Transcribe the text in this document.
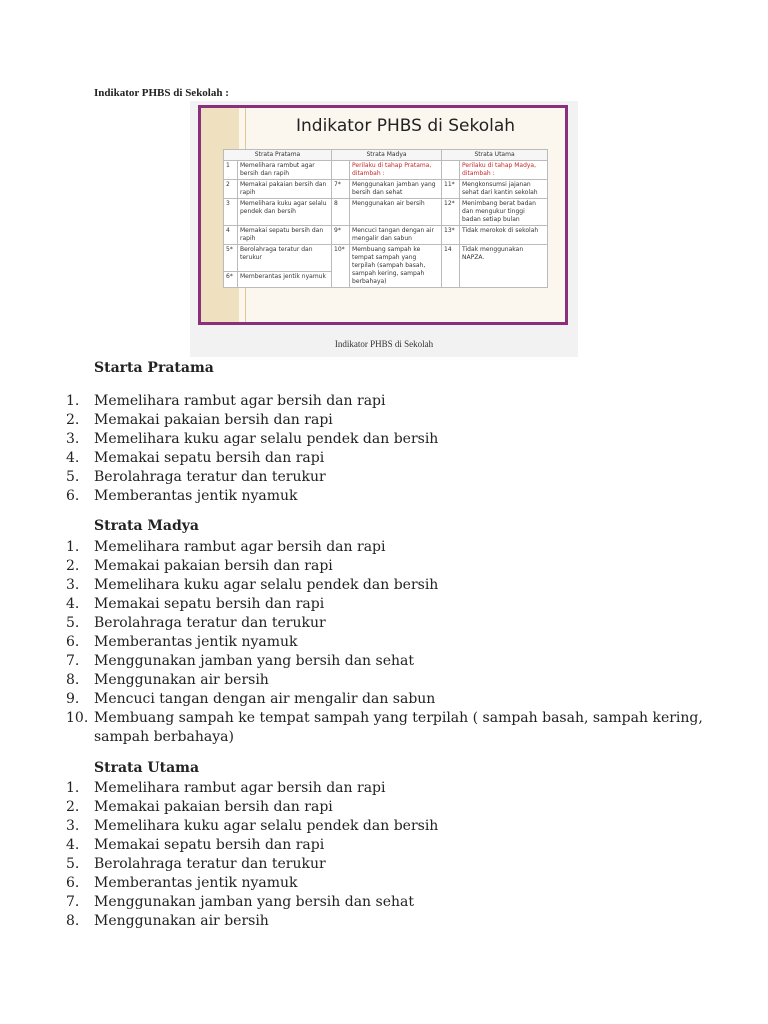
Indikator PHBS di Sekolah :
Indikator PHBS di Sekolah
Strata Pratama		Strata Madya		Strata Utama	
1	Memelihara rambut agar bersih dan rapih		Perilaku di tahap Pratama, ditambah :		Perilaku di tahap Madya, ditambah :
2	Memakai pakaian bersih dan rapih	7*	Menggunakan jamban yang bersih dan sehat	11*	Mengkonsumsi jajanan sehat dari kantin sekolah
3	Memelihara kuku agar selalu pendek dan bersih	8	Menggunakan air bersih	12*	Menimbang berat badan dan mengukur tinggi badan setiap bulan
4	Memakai sepatu bersih dan rapih	9*	Mencuci tangan dengan air mengalir dan sabun	13*	Tidak merokok di sekolah
5*	Berolahraga teratur dan terukur	10*	Membuang sampah ke tempat sampah yang terpilah (sampah basah, sampah kering, sampah berbahaya)	14	Tidak menggunakan NAPZA.
6*	Memberantas jentik nyamuk				
Indikator PHBS di Sekolah
Starta Pratama
1.	Memelihara rambut agar bersih dan rapi
2.	Memakai pakaian bersih dan rapi
3.	Memelihara kuku agar selalu pendek dan bersih
4.	Memakai sepatu bersih dan rapi
5.	Berolahraga teratur dan terukur
6.	Memberantas jentik nyamuk
Strata Madya
1.	Memelihara rambut agar bersih dan rapi
2.	Memakai pakaian bersih dan rapi
3.	Memelihara kuku agar selalu pendek dan bersih
4.	Memakai sepatu bersih dan rapi
5.	Berolahraga teratur dan terukur
6.	Memberantas jentik nyamuk
7.	Menggunakan jamban yang bersih dan sehat
8.	Menggunakan air bersih
9.	Mencuci tangan dengan air mengalir dan sabun
10. Membuang sampah ke tempat sampah yang terpilah ( sampah basah, sampah kering, sampah berbahaya)
Strata Utama
1.	Memelihara rambut agar bersih dan rapi
2.	Memakai pakaian bersih dan rapi
3.	Memelihara kuku agar selalu pendek dan bersih
4.	Memakai sepatu bersih dan rapi
5.	Berolahraga teratur dan terukur
6.	Memberantas jentik nyamuk
7.	Menggunakan jamban yang bersih dan sehat
8.	Menggunakan air bersih
